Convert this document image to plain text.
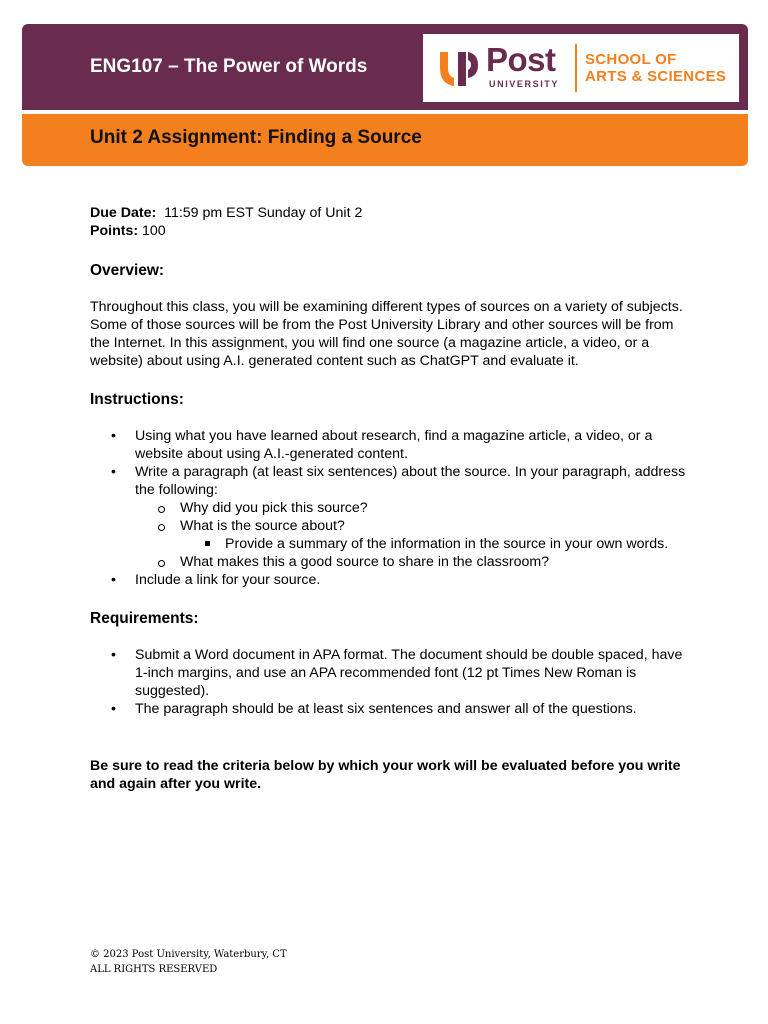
ENG107 – The Power of Words	Post
UNIVERSITY
SCHOOL OF
ARTS & SCIENCES
Unit 2 Assignment: Finding a Source

Due Date: 11:59 pm EST Sunday of Unit 2

Points: 100

Overview:

Throughout this class, you will be examining different types of sources on a variety of subjects. Some of those sources will be from the Post University Library and other sources will be from the Internet. In this assignment, you will find one source (a magazine article, a video, or a website) about using A.I. generated content such as ChatGPT and evaluate it.

Instructions:
• Using what you have learned about research, find a magazine article, a video, or a website about using A.I.-generated content.
• Write a paragraph (at least six sentences) about the source. In your paragraph, address the following:
Why did you pick this source?
What is the source about?
Provide a summary of the information in the source in your own words.
What makes this a good source to share in the classroom?
• Include a link for your source.
Requirements:
• Submit a Word document in APA format. The document should be double spaced, have 1-inch margins, and use an APA recommended font (12 pt Times New Roman is suggested).
• The paragraph should be at least six sentences and answer all of the questions.

Be sure to read the criteria below by which your work will be evaluated before you write and again after you write.

© 2023 Post University, Waterbury, CT
ALL RIGHTS RESERVED
